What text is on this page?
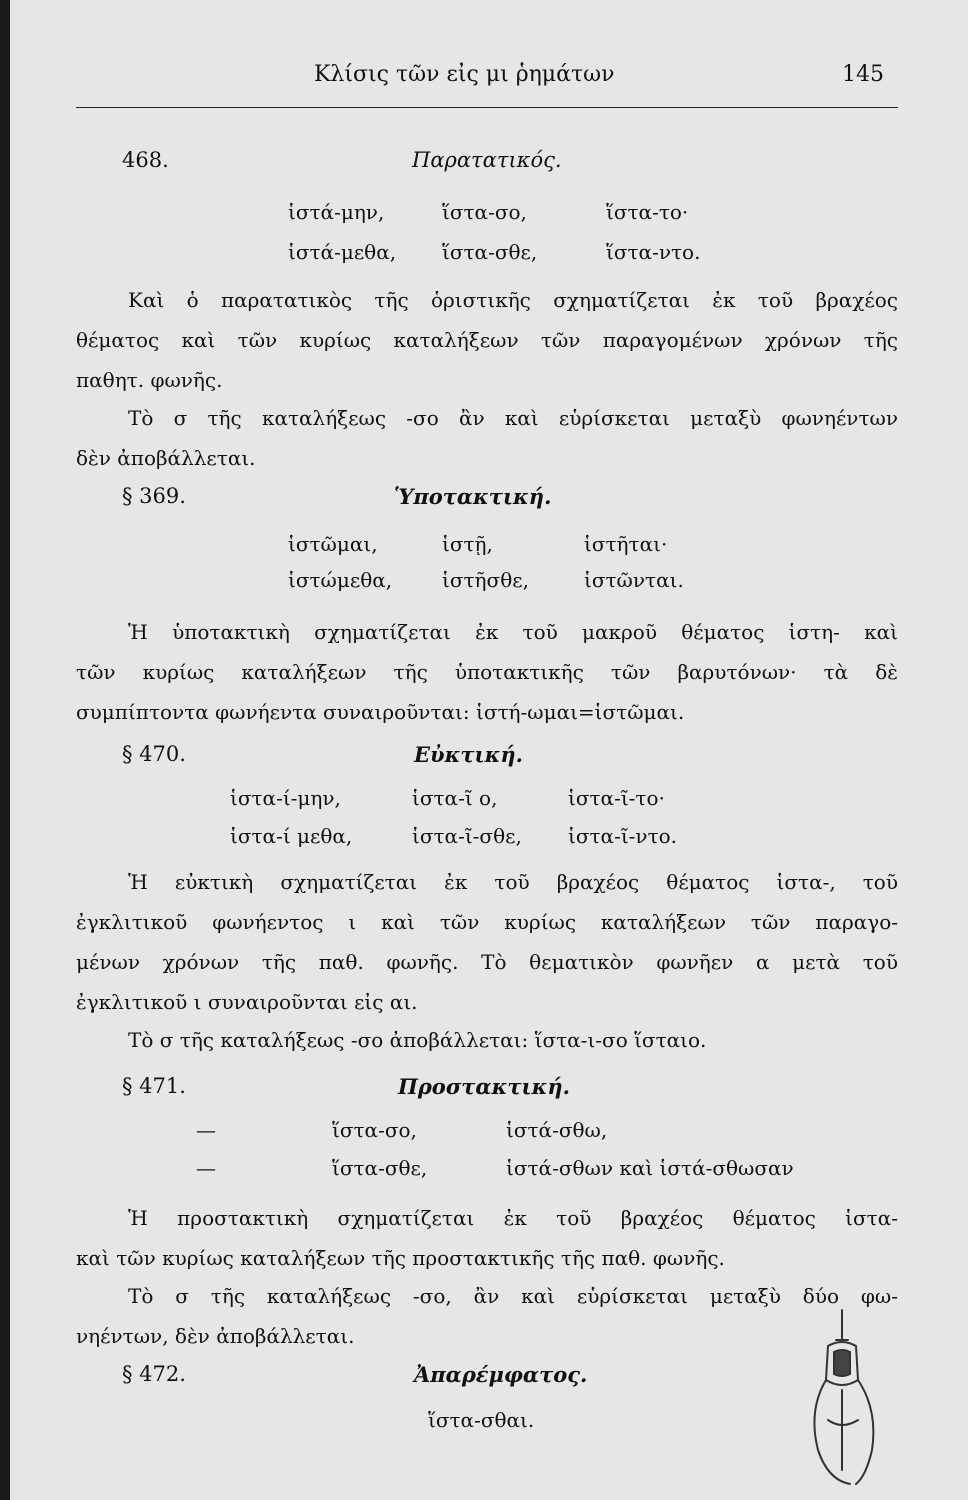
Κλίσις τῶν εἰς μι ῥημάτων	145
468.	Παρατατικός.
ἱστά-μην,	ἵστα-σο,	ἵστα-το·
ἱστά-μεθα, ἵστα-σθε,	ἵστα-ντο.
Καὶ ὁ παρατατικὸς τῆς ὁριστικῆς σχηματίζεται ἐκ τοῦ βραχέος
θέματος καὶ τῶν κυρίως καταλήξεων τῶν παραγομένων χρόνων τῆς
παθητ. φωνῆς.
Τὸ σ τῆς καταλήξεως -σο ἂν καὶ εὑρίσκεται μεταξὺ φωνηέντων
δὲν ἀποβάλλεται.
§ 369.	Ὑποτακτική.
ἱστῶμαι,	ἱστῇ,	ἱστῆται·
ἱστώμεθα, ἱστῆσθε,	ἱστῶνται.
Ἡ ὑποτακτικὴ σχηματίζεται ἐκ τοῦ μακροῦ θέματος ἱστη- καὶ
τῶν κυρίως καταλήξεων τῆς ὑποτακτικῆς τῶν βαρυτόνων· τὰ δὲ
συμπίπτοντα φωνήεντα συναιροῦνται: ἱστή-ωμαι=ἱστῶμαι.
§ 470.	Εὐκτική.
ἱστα-ί-μην,	ἱστα-ῖ ο,	ἱστα-ῖ-το·
ἱστα-ί μεθα,	ἱστα-ῖ-σθε, ἱστα-ῖ-ντο.
Ἡ εὐκτικὴ σχηματίζεται ἐκ τοῦ βραχέος θέματος ἱστα-, τοῦ
ἐγκλιτικοῦ φωνήεντος ι καὶ τῶν κυρίως καταλήξεων τῶν παραγο-
μένων χρόνων τῆς παθ. φωνῆς. Τὸ θεματικὸν φωνῆεν α μετὰ τοῦ
ἐγκλιτικοῦ ι συναιροῦνται εἰς αι.
Τὸ σ τῆς καταλήξεως -σο ἀποβάλλεται: ἵστα-ι-σο ἵσταιο.
§ 471.	Προστακτική.
—	ἵστα-σο,	ἱστά-σθω,
—	ἵστα-σθε,	ἱστά-σθων καὶ ἱστά-σθωσαν
Ἡ προστακτικὴ σχηματίζεται ἐκ τοῦ βραχέος θέματος ἱστα-
καὶ τῶν κυρίως καταλήξεων τῆς προστακτικῆς τῆς παθ. φωνῆς.
Τὸ σ τῆς καταλήξεως -σο, ἂν καὶ εὑρίσκεται μεταξὺ δύο φω-
νηέντων, δὲν ἀποβάλλεται.
§ 472.	Ἀπαρέμφατος.
ἵστα-σθαι.
